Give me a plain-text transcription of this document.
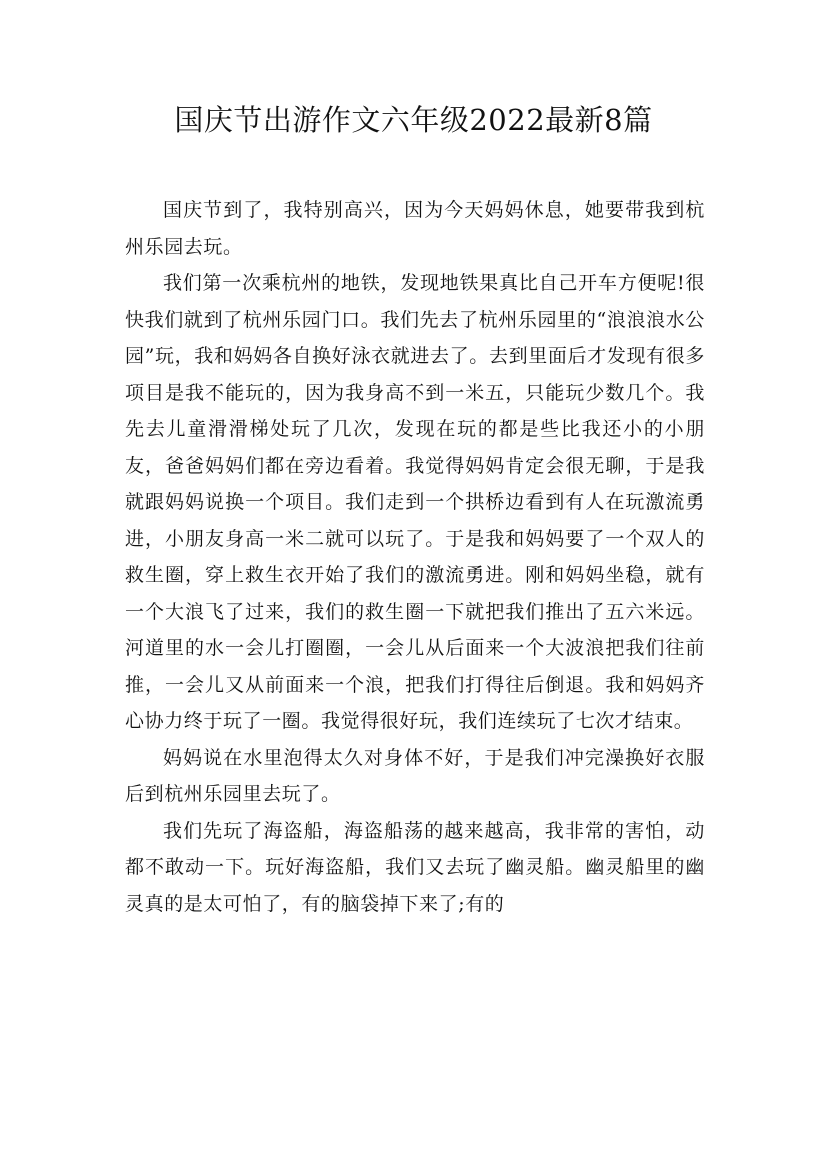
国庆节出游作文六年级2022最新8篇

国庆节到了，我特别高兴，因为今天妈妈休息，她要带我到杭州乐园去玩。

我们第一次乘杭州的地铁，发现地铁果真比自己开车方便呢!很快我们就到了杭州乐园门口。我们先去了杭州乐园里的“浪浪浪水公园”玩，我和妈妈各自换好泳衣就进去了。去到里面后才发现有很多项目是我不能玩的，因为我身高不到一米五，只能玩少数几个。我先去儿童滑滑梯处玩了几次，发现在玩的都是些比我还小的小朋友，爸爸妈妈们都在旁边看着。我觉得妈妈肯定会很无聊，于是我就跟妈妈说换一个项目。我们走到一个拱桥边看到有人在玩激流勇进，小朋友身高一米二就可以玩了。于是我和妈妈要了一个双人的救生圈，穿上救生衣开始了我们的激流勇进。刚和妈妈坐稳，就有一个大浪飞了过来，我们的救生圈一下就把我们推出了五六米远。河道里的水一会儿打圈圈，一会儿从后面来一个大波浪把我们往前推，一会儿又从前面来一个浪，把我们打得往后倒退。我和妈妈齐心协力终于玩了一圈。我觉得很好玩，我们连续玩了七次才结束。

妈妈说在水里泡得太久对身体不好，于是我们冲完澡换好衣服后到杭州乐园里去玩了。

我们先玩了海盗船，海盗船荡的越来越高，我非常的害怕，动都不敢动一下。玩好海盗船，我们又去玩了幽灵船。幽灵船里的幽灵真的是太可怕了，有的脑袋掉下来了;有的
